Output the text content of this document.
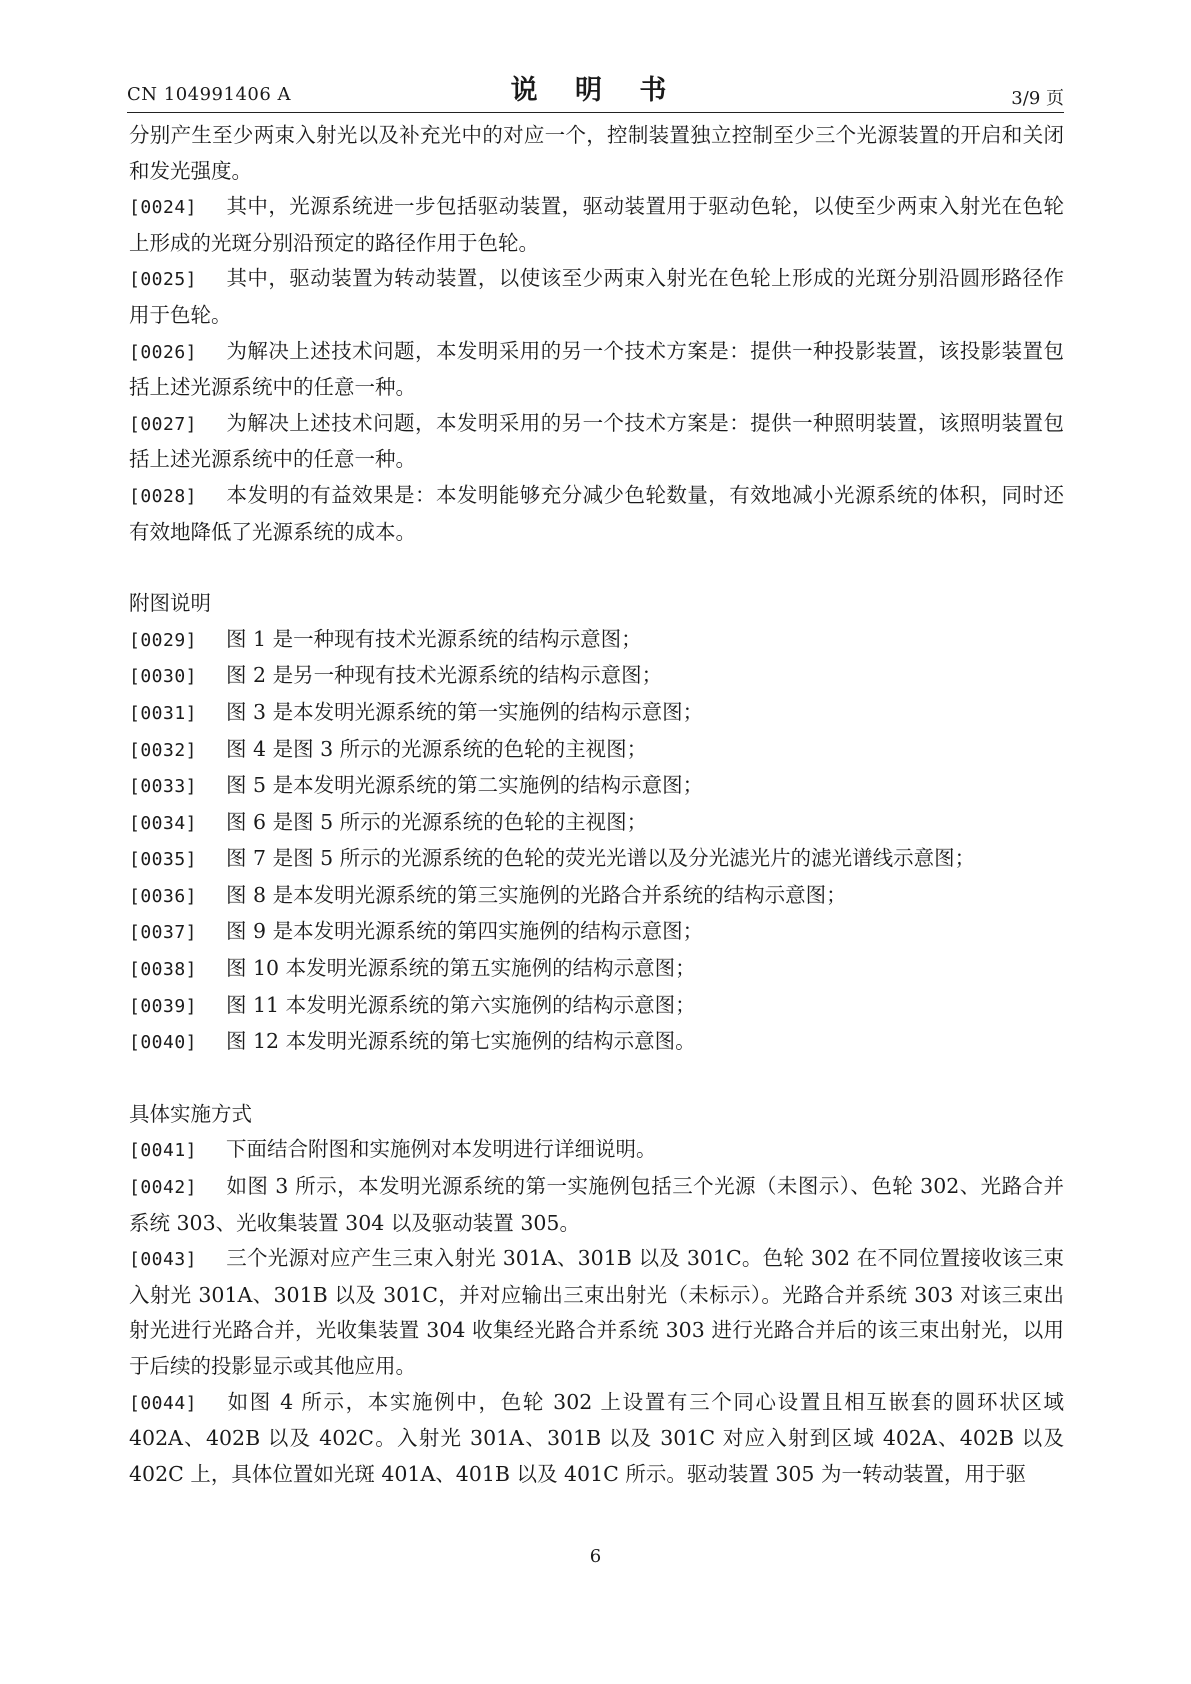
CN 104991406 A	说 明 书	3/9 页

分别产生至少两束入射光以及补充光中的对应一个，控制装置独立控制至少三个光源装置的开启和关闭和发光强度。

[0024] 其中，光源系统进一步包括驱动装置，驱动装置用于驱动色轮，以使至少两束入射光在色轮上形成的光斑分别沿预定的路径作用于色轮。

[0025] 其中，驱动装置为转动装置，以使该至少两束入射光在色轮上形成的光斑分别沿圆形路径作用于色轮。

[0026] 为解决上述技术问题，本发明采用的另一个技术方案是：提供一种投影装置，该投影装置包括上述光源系统中的任意一种。

[0027] 为解决上述技术问题，本发明采用的另一个技术方案是：提供一种照明装置，该照明装置包括上述光源系统中的任意一种。

[0028] 本发明的有益效果是：本发明能够充分减少色轮数量，有效地减小光源系统的体积，同时还有效地降低了光源系统的成本。

附图说明

[0029] 图 1 是一种现有技术光源系统的结构示意图；

[0030] 图 2 是另一种现有技术光源系统的结构示意图；

[0031] 图 3 是本发明光源系统的第一实施例的结构示意图；

[0032] 图 4 是图 3 所示的光源系统的色轮的主视图；

[0033] 图 5 是本发明光源系统的第二实施例的结构示意图；

[0034] 图 6 是图 5 所示的光源系统的色轮的主视图；

[0035] 图 7 是图 5 所示的光源系统的色轮的荧光光谱以及分光滤光片的滤光谱线示意图；

[0036] 图 8 是本发明光源系统的第三实施例的光路合并系统的结构示意图；

[0037] 图 9 是本发明光源系统的第四实施例的结构示意图；

[0038] 图 10 本发明光源系统的第五实施例的结构示意图；

[0039] 图 11 本发明光源系统的第六实施例的结构示意图；

[0040] 图 12 本发明光源系统的第七实施例的结构示意图。

具体实施方式

[0041] 下面结合附图和实施例对本发明进行详细说明。

[0042] 如图 3 所示，本发明光源系统的第一实施例包括三个光源（未图示）、色轮 302、光路合并系统 303、光收集装置 304 以及驱动装置 305。

[0043] 三个光源对应产生三束入射光 301A、301B 以及 301C。色轮 302 在不同位置接收该三束入射光 301A、301B 以及 301C，并对应输出三束出射光（未标示）。光路合并系统 303 对该三束出射光进行光路合并，光收集装置 304 收集经光路合并系统 303 进行光路合并后的该三束出射光，以用于后续的投影显示或其他应用。

[0044] 如图 4 所示，本实施例中，色轮 302 上设置有三个同心设置且相互嵌套的圆环状区域 402A、402B 以及 402C。入射光 301A、301B 以及 301C 对应入射到区域 402A、402B 以及 402C 上，具体位置如光斑 401A、401B 以及 401C 所示。驱动装置 305 为一转动装置，用于驱

6
